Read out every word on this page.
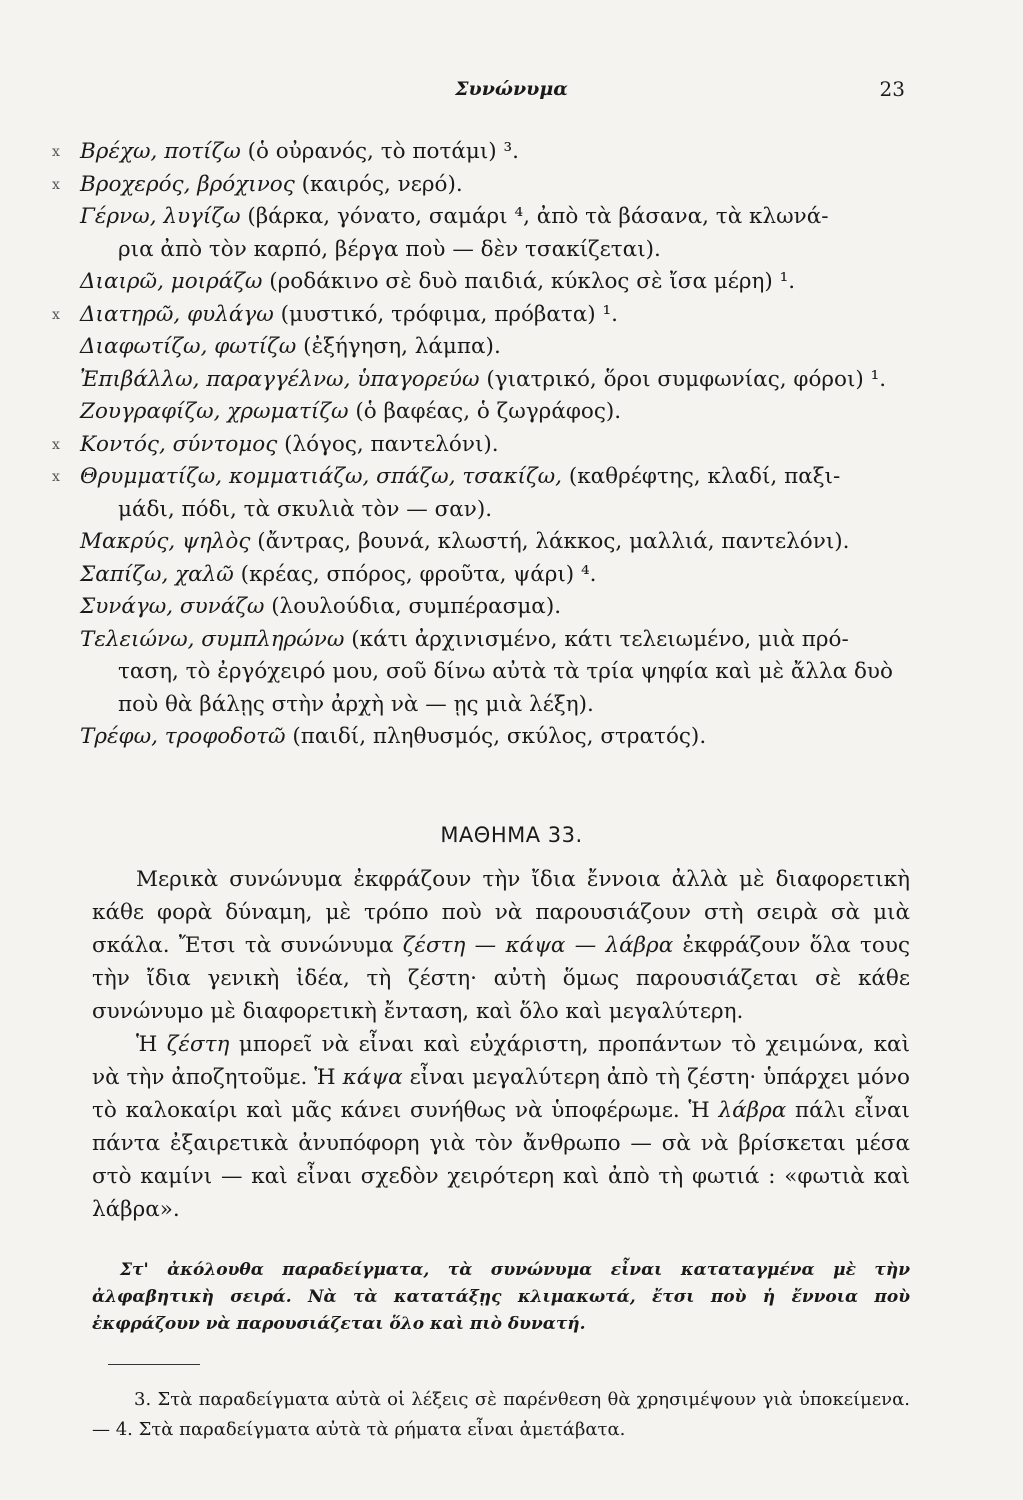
Συνώνυμα	23

x Βρέχω, ποτίζω (ὁ οὐρανός, τὸ ποτάμι) ³.

x Βροχερός, βρόχινος (καιρός, νερό).

Γέρνω, λυγίζω (βάρκα, γόνατο, σαμάρι ⁴, ἀπὸ τὰ βάσανα, τὰ κλωνά-
ρια ἀπὸ τὸν καρπό, βέργα ποὺ — δὲν τσακίζεται).

Διαιρῶ, μοιράζω (ροδάκινο σὲ δυὸ παιδιά, κύκλος σὲ ἴσα μέρη) ¹.

x Διατηρῶ, φυλάγω (μυστικό, τρόφιμα, πρόβατα) ¹.

Διαφωτίζω, φωτίζω (ἐξήγηση, λάμπα).

Ἐπιβάλλω, παραγγέλνω, ὑπαγορεύω (γιατρικό, ὅροι συμφωνίας, φόροι) ¹.

Ζουγραφίζω, χρωματίζω (ὁ βαφέας, ὁ ζωγράφος).

x Κοντός, σύντομος (λόγος, παντελόνι).

x Θρυμματίζω, κομματιάζω, σπάζω, τσακίζω, (καθρέφτης, κλαδί, παξι-
μάδι, πόδι, τὰ σκυλιὰ τὸν — σαν).

Μακρύς, ψηλὸς (ἄντρας, βουνά, κλωστή, λάκκος, μαλλιά, παντελόνι).

Σαπίζω, χαλῶ (κρέας, σπόρος, φροῦτα, ψάρι) ⁴.

Συνάγω, συνάζω (λουλούδια, συμπέρασμα).

Τελειώνω, συμπληρώνω (κάτι ἀρχινισμένο, κάτι τελειωμένο, μιὰ πρό-
ταση, τὸ ἐργόχειρό μου, σοῦ δίνω αὐτὰ τὰ τρία ψηφία καὶ μὲ ἄλλα δυὸ ποὺ θὰ βάλῃς στὴν ἀρχὴ νὰ — ῃς μιὰ λέξη).

Τρέφω, τροφοδοτῶ (παιδί, πληθυσμός, σκύλος, στρατός).

ΜΑΘΗΜΑ 33.

Μερικὰ συνώνυμα ἐκφράζουν τὴν ἴδια ἔννοια ἀλλὰ μὲ διαφορετικὴ κάθε φορὰ δύναμη, μὲ τρόπο ποὺ νὰ παρουσιάζουν στὴ σειρὰ σὰ μιὰ σκάλα. Ἔτσι τὰ συνώνυμα ζέστη — κάψα — λάβρα ἐκφράζουν ὅλα τους τὴν ἴδια γενικὴ ἰδέα, τὴ ζέστη· αὐτὴ ὅμως παρουσιάζεται σὲ κάθε συνώνυμο μὲ διαφορετικὴ ἔνταση, καὶ ὅλο καὶ μεγαλύτερη.

Ἡ ζέστη μπορεῖ νὰ εἶναι καὶ εὐχάριστη, προπάντων τὸ χειμώνα, καὶ νὰ τὴν ἀποζητοῦμε. Ἡ κάψα εἶναι μεγαλύτερη ἀπὸ τὴ ζέστη· ὑπάρχει μόνο τὸ καλοκαίρι καὶ μᾶς κάνει συνήθως νὰ ὑποφέρωμε. Ἡ λάβρα πάλι εἶναι πάντα ἐξαιρετικὰ ἀνυπόφορη γιὰ τὸν ἄνθρωπο — σὰ νὰ βρίσκεται μέσα στὸ καμίνι — καὶ εἶναι σχεδὸν χειρότερη καὶ ἀπὸ τὴ φωτιά : «φωτιὰ καὶ λάβρα».

Στ' ἀκόλουθα παραδείγματα, τὰ συνώνυμα εἶναι καταταγμένα μὲ τὴν ἀλφαβητικὴ σειρά. Νὰ τὰ κατατάξῃς κλιμακωτά, ἔτσι ποὺ ἡ ἔννοια ποὺ ἐκφράζουν νὰ παρουσιάζεται ὅλο καὶ πιὸ δυνατή.
3. Στὰ παραδείγματα αὐτὰ οἱ λέξεις σὲ παρένθεση θὰ χρησιμέψουν γιὰ ὑποκείμενα.— 4. Στὰ παραδείγματα αὐτὰ τὰ ρήματα εἶναι ἀμετάβατα.
